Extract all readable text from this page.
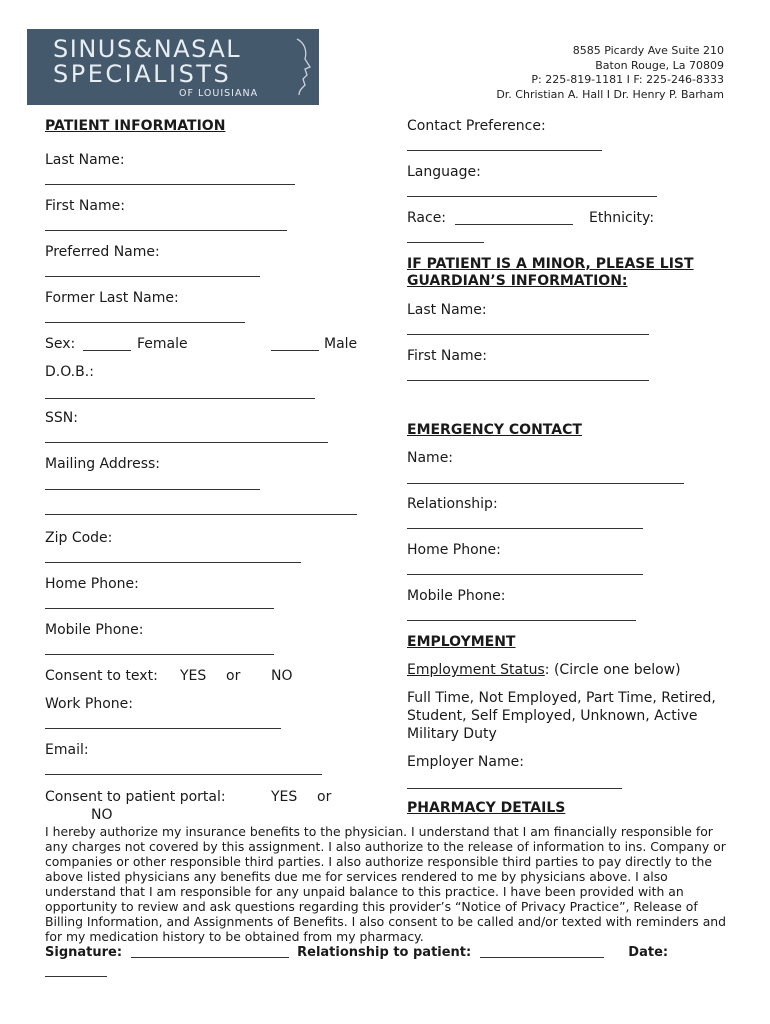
SINUS&NASAL
SPECIALISTS
OF LOUISIANA
8585 Picardy Ave Suite 210
Baton Rouge, La 70809
P: 225-819-1181 I F: 225-246-8333
Dr. Christian A. Hall I Dr. Henry P. Barham
PATIENT INFORMATION
Last Name:
First Name:
Preferred Name:
Former Last Name:
Sex:	Female	Male
D.O.B.:
SSN:
Mailing Address:
Zip Code:
Home Phone:
Mobile Phone:
Consent to text: YES or NO
Work Phone:
Email:
Consent to patient portal:	YES or
NO
Contact Preference:
Language:
Race:	Ethnicity:
IF PATIENT IS A MINOR, PLEASE LIST
GUARDIAN’S INFORMATION:
Last Name:
First Name:
EMERGENCY CONTACT
Name:
Relationship:
Home Phone:
Mobile Phone:
EMPLOYMENT
Employment Status: (Circle one below)
Full Time, Not Employed, Part Time, Retired, Student, Self Employed, Unknown, Active Military Duty
Employer Name:
PHARMACY DETAILS
I hereby authorize my insurance benefits to the physician. I understand that I am financially responsible for any charges not covered by this assignment. I also authorize to the release of information to ins. Company or companies or other responsible third parties. I also authorize responsible third parties to pay directly to the above listed physicians any benefits due me for services rendered to me by physicians above. I also understand that I am responsible for any unpaid balance to this practice. I have been provided with an opportunity to review and ask questions regarding this provider’s “Notice of Privacy Practice”, Release of Billing Information, and Assignments of Benefits. I also consent to be called and/or texted with reminders and for my medication history to be obtained from my pharmacy.
Signature:	Relationship to patient:	Date:
